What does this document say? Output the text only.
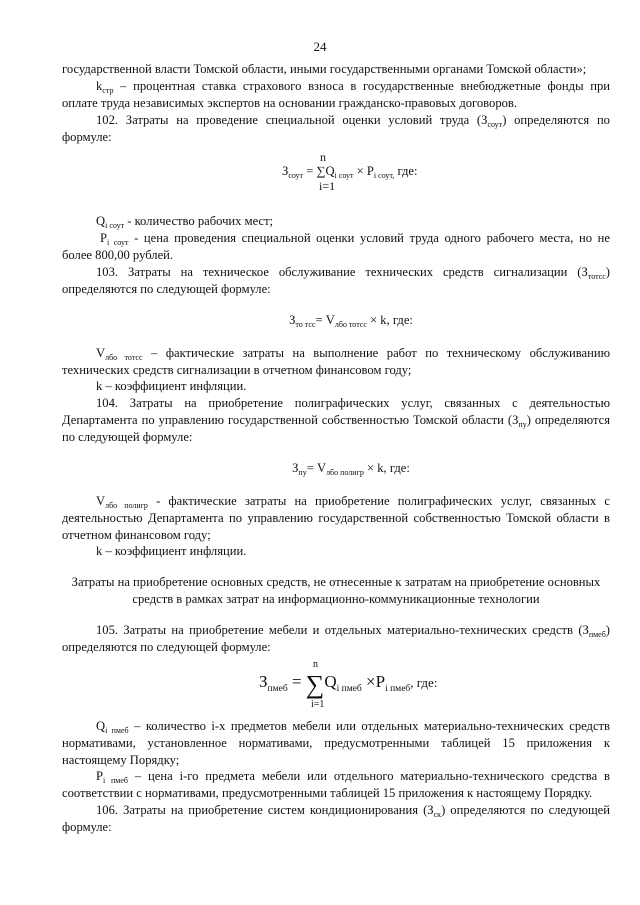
24

государственной власти Томской области, иными государственными органами Томской области»;

$k_{стр}$ – процентная ставка страхового взноса в государственные внебюджетные фонды при оплате труда независимых экспертов на основании гражданско-правовых договоров.

102. Затраты на проведение специальной оценки условий труда $(З_{соут})$ определяются по формуле:

n
$З_{соут} = \sum Q_{i соут} \times P_{i соут,}$ где:
i=1

$Q_{i соут}$ - количество рабочих мест;

$P_{i соут}$ - цена проведения специальной оценки условий труда одного рабочего места, но не более 800,00 рублей.

103. Затраты на техническое обслуживание технических средств сигнализации $(З_{тотсс})$ определяются по следующей формуле:

$З_{то тсс}= V_{лбо тотсс} \times k$, где:

$V_{лбо тотсс}$ – фактические затраты на выполнение работ по техническому обслуживанию технических средств сигнализации в отчетном финансовом году;

k – коэффициент инфляции.

104. Затраты на приобретение полиграфических услуг, связанных с деятельностью Департамента по управлению государственной собственностью Томской области $(З_{пу})$ определяются по следующей формуле:

$З_{пу}= V_{лбо полигр} \times k$, где:

$V_{лбо полигр}$ - фактические затраты на приобретение полиграфических услуг, связанных с деятельностью Департамента по управлению государственной собственностью Томской области в отчетном финансовом году;

k – коэффициент инфляции.

Затраты на приобретение основных средств, не отнесенные к затратам на приобретение основных средств в рамках затрат на информационно-коммуникационные технологии

105. Затраты на приобретение мебели и отдельных материально-технических средств $(З_{пмеб})$ определяются по следующей формуле:

n
$З_{пмеб} = \sum Q_{i пмеб} \times P_{i пмеб}$, где:
i=1

$Q_{i пмеб}$ – количество i-х предметов мебели или отдельных материально-технических средств нормативами, установленное нормативами, предусмотренными таблицей 15 приложения к настоящему Порядку;

$P_{i пмеб}$ – цена i-го предмета мебели или отдельного материально-технического средства в соответствии с нормативами, предусмотренными таблицей 15 приложения к настоящему Порядку.

106. Затраты на приобретение систем кондиционирования $(З_{ск})$ определяются по следующей формуле:
